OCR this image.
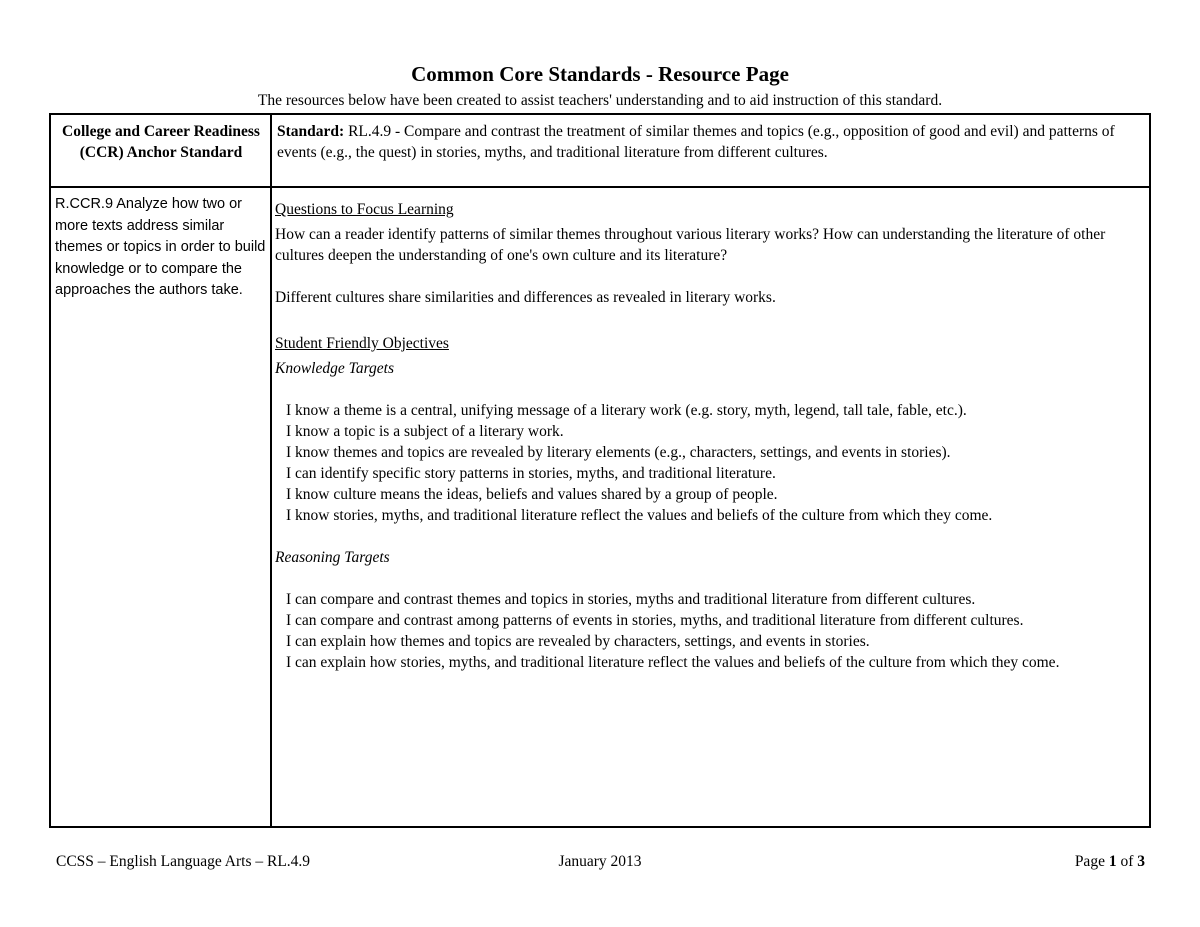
Common Core Standards - Resource Page
The resources below have been created to assist teachers' understanding and to aid instruction of this standard.
College and Career Readiness (CCR) Anchor Standard
Standard: RL.4.9 - Compare and contrast the treatment of similar themes and topics (e.g., opposition of good and evil) and patterns of events (e.g., the quest) in stories, myths, and traditional literature from different cultures.
R.CCR.9 Analyze how two or more texts address similar themes or topics in order to build knowledge or to compare the approaches the authors take.

Questions to Focus Learning

How can a reader identify patterns of similar themes throughout various literary works? How can understanding the literature of other cultures deepen the understanding of one's own culture and its literature?

Different cultures share similarities and differences as revealed in literary works.

Student Friendly Objectives

Knowledge Targets

I know a theme is a central, unifying message of a literary work (e.g. story, myth, legend, tall tale, fable, etc.).
I know a topic is a subject of a literary work.
I know themes and topics are revealed by literary elements (e.g., characters, settings, and events in stories).
I can identify specific story patterns in stories, myths, and traditional literature.
I know culture means the ideas, beliefs and values shared by a group of people.
I know stories, myths, and traditional literature reflect the values and beliefs of the culture from which they come.

Reasoning Targets

I can compare and contrast themes and topics in stories, myths and traditional literature from different cultures.
I can compare and contrast among patterns of events in stories, myths, and traditional literature from different cultures.
I can explain how themes and topics are revealed by characters, settings, and events in stories.
I can explain how stories, myths, and traditional literature reflect the values and beliefs of the culture from which they come.
CCSS – English Language Arts – RL.4.9	January 2013	Page 1 of 3
